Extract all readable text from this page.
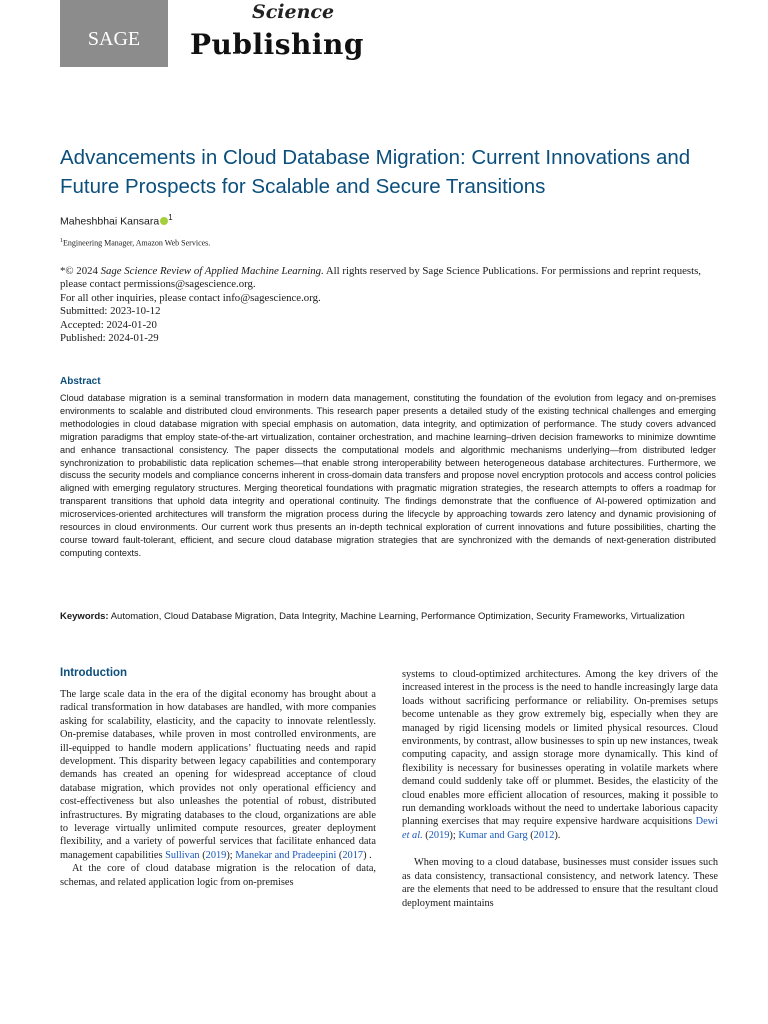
SAGE
Science
Publishing
Advancements in Cloud Database Migration: Current Innovations and Future Prospects for Scalable and Secure Transitions
Maheshbhai Kansara $^1$
$^1$Engineering Manager, Amazon Web Services.
*© 2024 Sage Science Review of Applied Machine Learning. All rights reserved by Sage Science Publications. For permissions and reprint requests, please contact permissions@sagescience.org.
For all other inquiries, please contact info@sagescience.org.
Submitted: 2023-10-12
Accepted: 2024-01-20
Published: 2024-01-29
Abstract
Cloud database migration is a seminal transformation in modern data management, constituting the foundation of the evolution from legacy and on-premises environments to scalable and distributed cloud environments. This research paper presents a detailed study of the existing technical challenges and emerging methodologies in cloud database migration with special emphasis on automation, data integrity, and optimization of performance. The study covers advanced migration paradigms that employ state-of-the-art virtualization, container orchestration, and machine learning–driven decision frameworks to minimize downtime and enhance transactional consistency. The paper dissects the computational models and algorithmic mechanisms underlying—from distributed ledger synchronization to probabilistic data replication schemes—that enable strong interoperability between heterogeneous database architectures. Furthermore, we discuss the security models and compliance concerns inherent in cross-domain data transfers and propose novel encryption protocols and access control policies aligned with emerging regulatory structures. Merging theoretical foundations with pragmatic migration strategies, the research attempts to offers a roadmap for transparent transitions that uphold data integrity and operational continuity. The findings demonstrate that the confluence of AI-powered optimization and microservices-oriented architectures will transform the migration process during the lifecycle by approaching towards zero latency and dynamic provisioning of resources in cloud environments. Our current work thus presents an in-depth technical exploration of current innovations and future possibilities, charting the course toward fault-tolerant, efficient, and secure cloud database migration strategies that are synchronized with the demands of next-generation distributed computing contexts.
Keywords: Automation, Cloud Database Migration, Data Integrity, Machine Learning, Performance Optimization, Security Frameworks, Virtualization
Introduction

The large scale data in the era of the digital economy has brought about a radical transformation in how databases are handled, with more companies asking for scalability, elasticity, and the capacity to innovate relentlessly. On-premise databases, while proven in most controlled environments, are ill-equipped to handle modern applications’ fluctuating needs and rapid development. This disparity between legacy capabilities and contemporary demands has created an opening for widespread acceptance of cloud database migration, which provides not only operational efficiency and cost-effectiveness but also unleashes the potential of robust, distributed infrastructures. By migrating databases to the cloud, organizations are able to leverage virtually unlimited compute resources, greater deployment flexibility, and a variety of powerful services that facilitate enhanced data management capabilities Sullivan (2019); Manekar and Pradeepini (2017) .

At the core of cloud database migration is the relocation of data, schemas, and related application logic from on-premises

systems to cloud-optimized architectures. Among the key drivers of the increased interest in the process is the need to handle increasingly large data loads without sacrificing performance or reliability. On-premises setups become untenable as they grow extremely big, especially when they are managed by rigid licensing models or limited physical resources. Cloud environments, by contrast, allow businesses to spin up new instances, tweak computing capacity, and assign storage more dynamically. This kind of flexibility is necessary for businesses operating in volatile markets where demand could suddenly take off or plummet. Besides, the elasticity of the cloud enables more efficient allocation of resources, making it possible to run demanding workloads without the need to undertake laborious capacity planning exercises that may require expensive hardware acquisitions Dewi et al. (2019); Kumar and Garg (2012).

When moving to a cloud database, businesses must consider issues such as data consistency, transactional consistency, and network latency. These are the elements that need to be addressed to ensure that the resultant cloud deployment maintains
